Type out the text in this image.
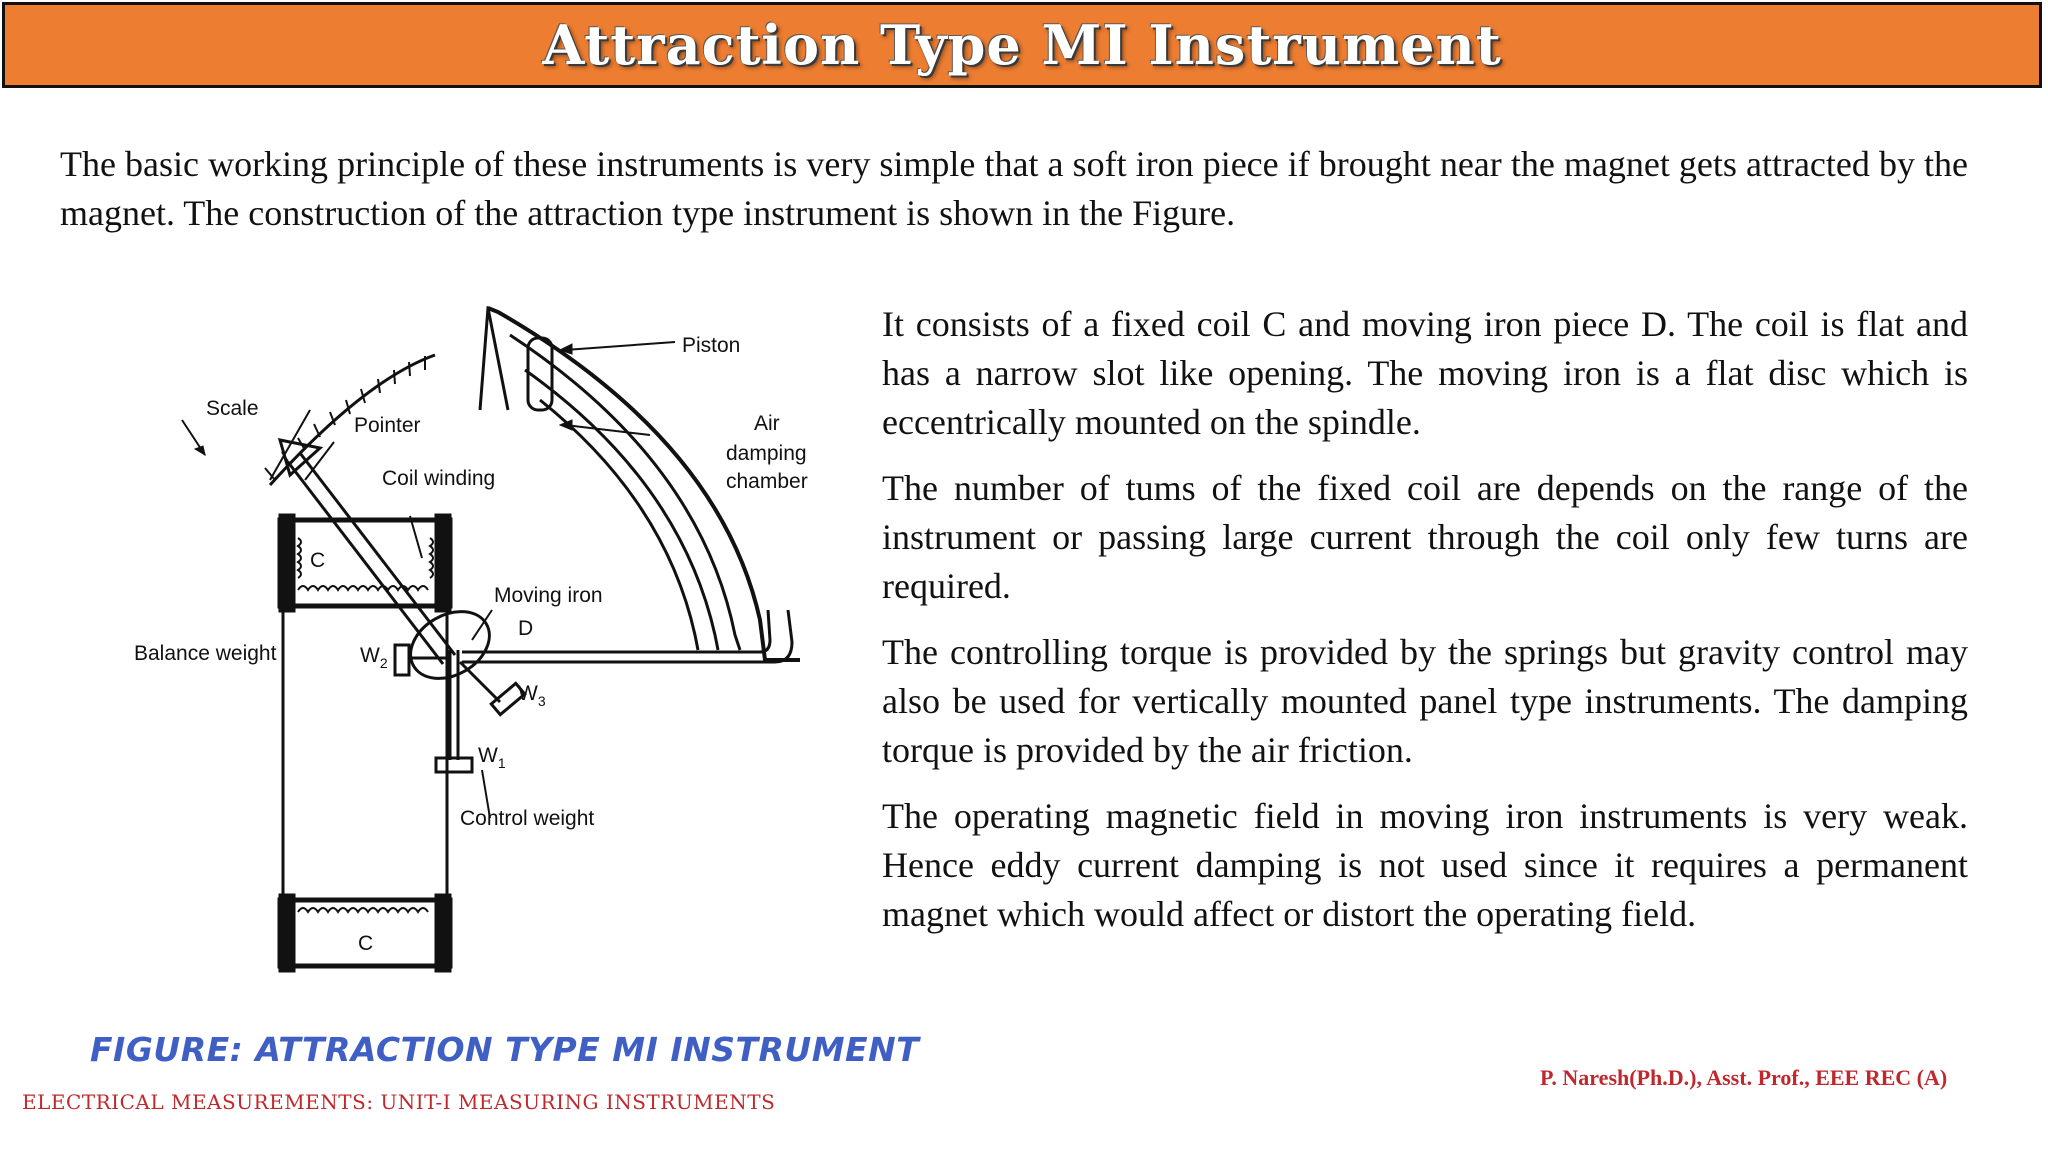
Attraction Type MI Instrument
The basic working principle of these instruments is very simple that a soft iron piece if brought near the magnet gets attracted by the magnet. The construction of the attraction type instrument is shown in the Figure.
Scale
Pointer
Coil winding
Piston
Air
damping
chamber
Moving iron
D
Balance weight	$W_2$
$W_3$
$W_1$
Control weight
C
C

It consists of a fixed coil C and moving iron piece D. The coil is flat and has a narrow slot like opening. The moving iron is a flat disc which is eccentrically mounted on the spindle.

The number of tums of the fixed coil are depends on the range of the instrument or passing large current through the coil only few turns are required.

The controlling torque is provided by the springs but gravity control may also be used for vertically mounted panel type instruments. The damping torque is provided by the air friction.

The operating magnetic field in moving iron instruments is very weak. Hence eddy current damping is not used since it requires a permanent magnet which would affect or distort the operating field.

FIGURE: ATTRACTION TYPE MI INSTRUMENT
ELECTRICAL MEASUREMENTS: UNIT-I MEASURING INSTRUMENTS
P. Naresh(Ph.D.), Asst. Prof., EEE REC (A)
